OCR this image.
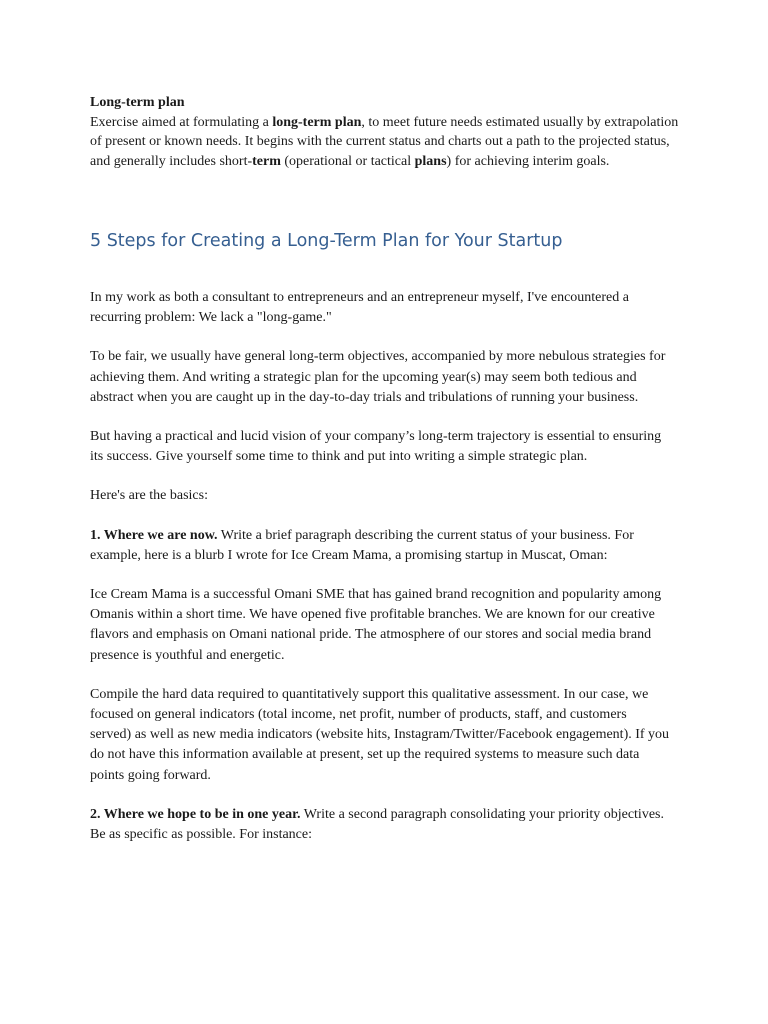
Long-term plan
Exercise aimed at formulating a long-term plan, to meet future needs estimated usually by extrapolation of present or known needs. It begins with the current status and charts out a path to the projected status, and generally includes short-term (operational or tactical plans) for achieving interim goals.
5 Steps for Creating a Long-Term Plan for Your Startup

In my work as both a consultant to entrepreneurs and an entrepreneur myself, I've encountered a recurring problem: We lack a "long-game."

To be fair, we usually have general long-term objectives, accompanied by more nebulous strategies for achieving them. And writing a strategic plan for the upcoming year(s) may seem both tedious and abstract when you are caught up in the day-to-day trials and tribulations of running your business.

But having a practical and lucid vision of your company’s long-term trajectory is essential to ensuring its success. Give yourself some time to think and put into writing a simple strategic plan.

Here's are the basics:

1. Where we are now. Write a brief paragraph describing the current status of your business. For example, here is a blurb I wrote for Ice Cream Mama, a promising startup in Muscat, Oman:

Ice Cream Mama is a successful Omani SME that has gained brand recognition and popularity among Omanis within a short time. We have opened five profitable branches. We are known for our creative flavors and emphasis on Omani national pride. The atmosphere of our stores and social media brand presence is youthful and energetic.

Compile the hard data required to quantitatively support this qualitative assessment. In our case, we focused on general indicators (total income, net profit, number of products, staff, and customers served) as well as new media indicators (website hits, Instagram/Twitter/Facebook engagement). If you do not have this information available at present, set up the required systems to measure such data points going forward.

2. Where we hope to be in one year. Write a second paragraph consolidating your priority objectives. Be as specific as possible. For instance:
